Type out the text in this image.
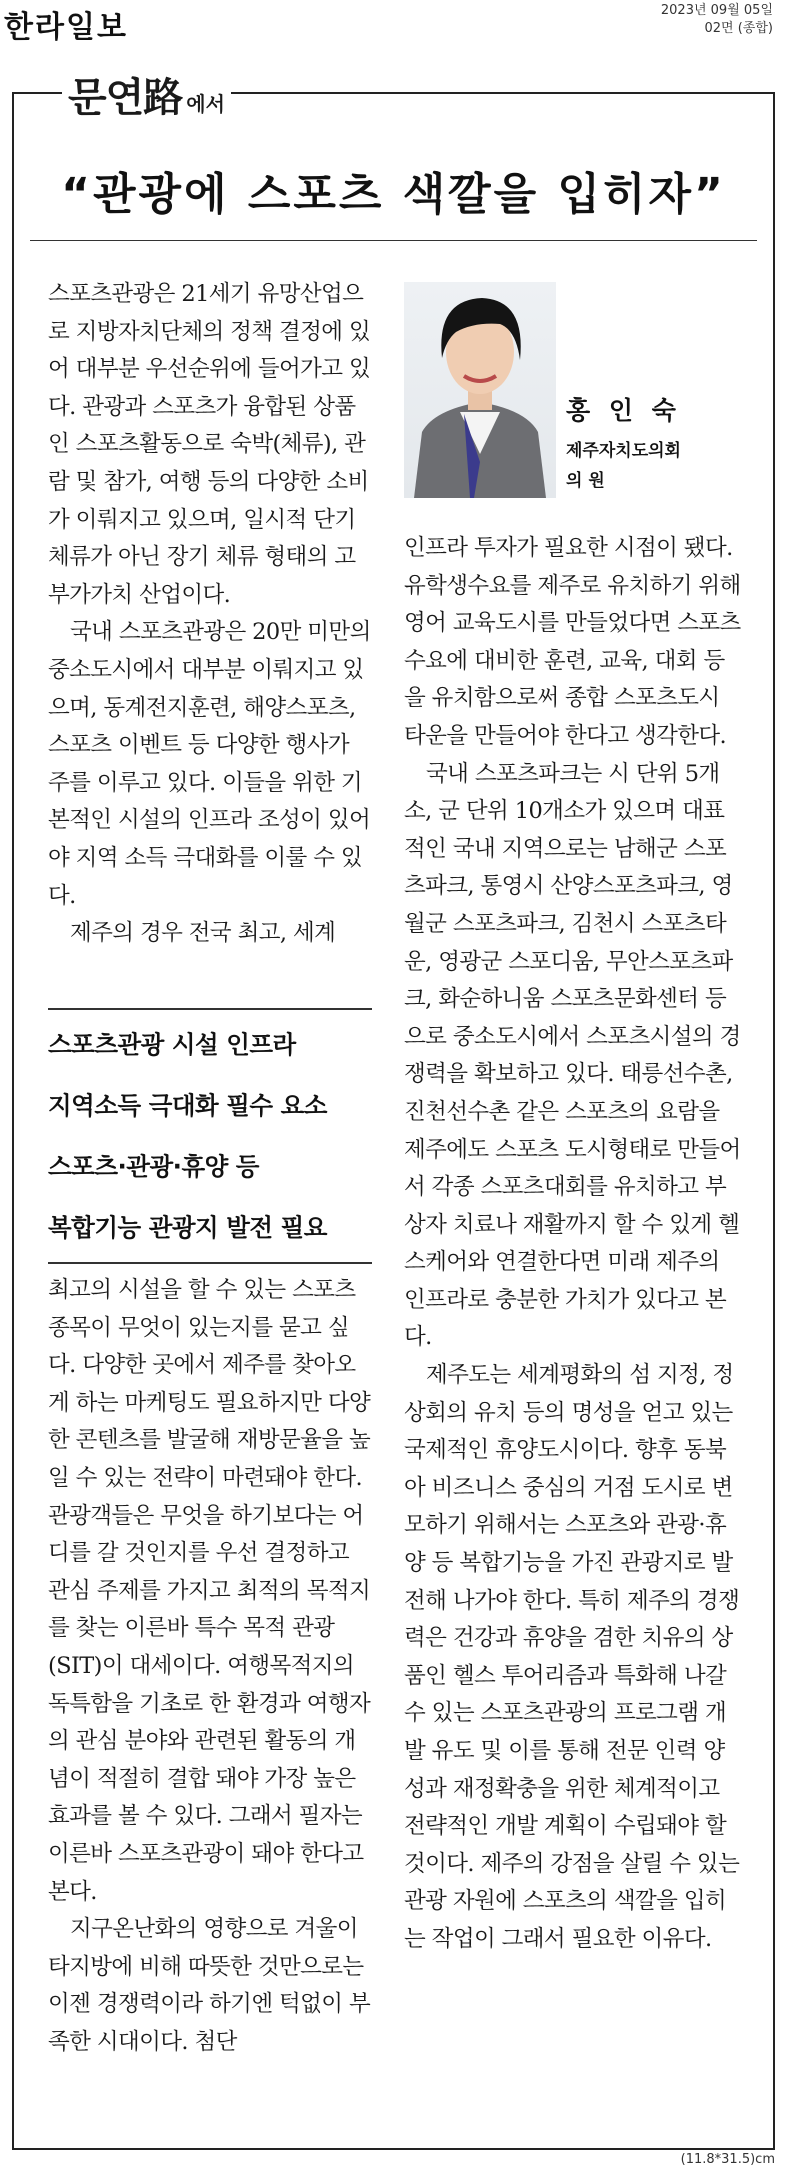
한라일보	2023년 09월 05일
02면 (종합)
문연路 에서
“관광에 스포츠 색깔을 입히자”

스포츠관광은 21세기 유망산업으로 지방자치단체의 정책 결정에 있어 대부분 우선순위에 들어가고 있다. 관광과 스포츠가 융합된 상품인 스포츠활동으로 숙박(체류), 관람 및 참가, 여행 등의 다양한 소비가 이뤄지고 있으며, 일시적 단기 체류가 아닌 장기 체류 형태의 고부가가치 산업이다.

국내 스포츠관광은 20만 미만의 중소도시에서 대부분 이뤄지고 있으며, 동계전지훈련, 해양스포츠, 스포츠 이벤트 등 다양한 행사가 주를 이루고 있다. 이들을 위한 기본적인 시설의 인프라 조성이 있어야 지역 소득 극대화를 이룰 수 있다.

제주의 경우 전국 최고, 세계

스포츠관광 시설 인프라
지역소득 극대화 필수 요소
스포츠·관광·휴양 등
복합기능 관광지 발전 필요

최고의 시설을 할 수 있는 스포츠 종목이 무엇이 있는지를 묻고 싶다. 다양한 곳에서 제주를 찾아오게 하는 마케팅도 필요하지만 다양한 콘텐츠를 발굴해 재방문율을 높일 수 있는 전략이 마련돼야 한다. 관광객들은 무엇을 하기보다는 어디를 갈 것인지를 우선 결정하고 관심 주제를 가지고 최적의 목적지를 찾는 이른바 특수 목적 관광(SIT)이 대세이다. 여행목적지의 독특함을 기초로 한 환경과 여행자의 관심 분야와 관련된 활동의 개념이 적절히 결합 돼야 가장 높은 효과를 볼 수 있다. 그래서 필자는 이른바 스포츠관광이 돼야 한다고 본다.

지구온난화의 영향으로 겨울이 타지방에 비해 따뜻한 것만으로는 이젠 경쟁력이라 하기엔 턱없이 부족한 시대이다. 첨단

홍 인 숙
제주자치도의회
의 원

인프라 투자가 필요한 시점이 됐다. 유학생수요를 제주로 유치하기 위해 영어 교육도시를 만들었다면 스포츠 수요에 대비한 훈련, 교육, 대회 등을 유치함으로써 종합 스포츠도시 타운을 만들어야 한다고 생각한다.

국내 스포츠파크는 시 단위 5개소, 군 단위 10개소가 있으며 대표적인 국내 지역으로는 남해군 스포츠파크, 통영시 산양스포츠파크, 영월군 스포츠파크, 김천시 스포츠타운, 영광군 스포디움, 무안스포츠파크, 화순하니움 스포츠문화센터 등으로 중소도시에서 스포츠시설의 경쟁력을 확보하고 있다. 태릉선수촌, 진천선수촌 같은 스포츠의 요람을 제주에도 스포츠 도시형태로 만들어서 각종 스포츠대회를 유치하고 부상자 치료나 재활까지 할 수 있게 헬스케어와 연결한다면 미래 제주의 인프라로 충분한 가치가 있다고 본다.

제주도는 세계평화의 섬 지정, 정상회의 유치 등의 명성을 얻고 있는 국제적인 휴양도시이다. 향후 동북아 비즈니스 중심의 거점 도시로 변모하기 위해서는 스포츠와 관광·휴양 등 복합기능을 가진 관광지로 발전해 나가야 한다. 특히 제주의 경쟁력은 건강과 휴양을 겸한 치유의 상품인 헬스 투어리즘과 특화해 나갈 수 있는 스포츠관광의 프로그램 개발 유도 및 이를 통해 전문 인력 양성과 재정확충을 위한 체계적이고 전략적인 개발 계획이 수립돼야 할 것이다. 제주의 강점을 살릴 수 있는 관광 자원에 스포츠의 색깔을 입히는 작업이 그래서 필요한 이유다.

(11.8*31.5)cm
